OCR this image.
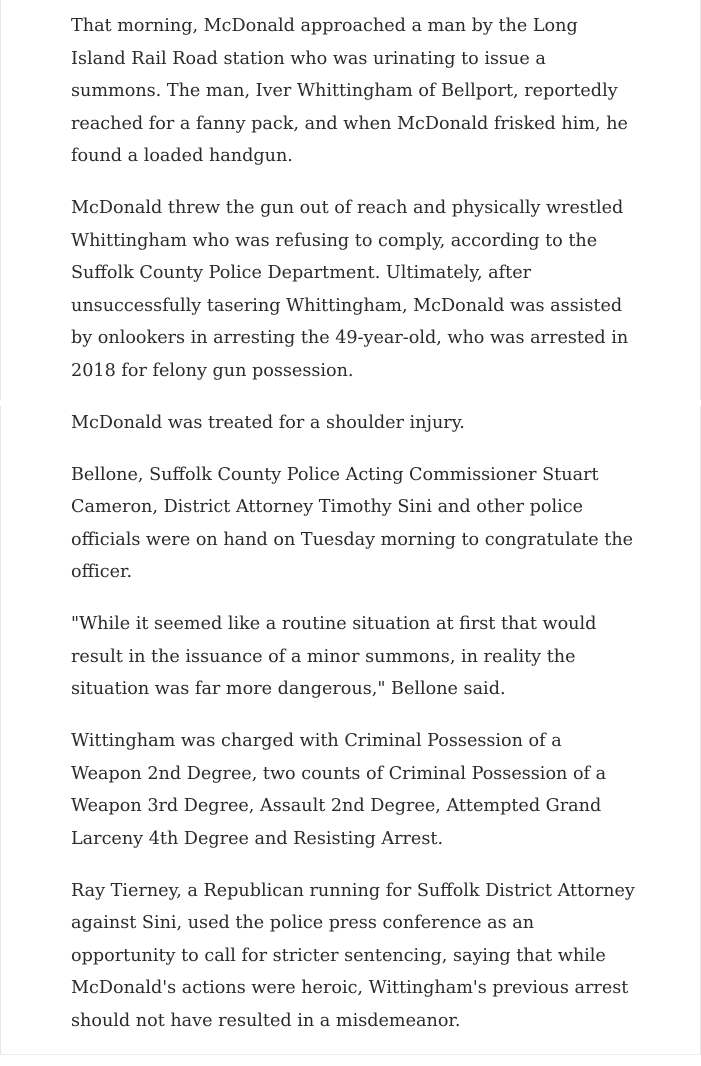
That morning, McDonald approached a man by the Long Island Rail Road station who was urinating to issue a summons. The man, Iver Whittingham of Bellport, reportedly reached for a fanny pack, and when McDonald frisked him, he found a loaded handgun.

McDonald threw the gun out of reach and physically wrestled Whittingham who was refusing to comply, according to the Suffolk County Police Department. Ultimately, after unsuccessfully tasering Whittingham, McDonald was assisted by onlookers in arresting the 49-year-old, who was arrested in 2018 for felony gun possession.

McDonald was treated for a shoulder injury.

Bellone, Suffolk County Police Acting Commissioner Stuart Cameron, District Attorney Timothy Sini and other police officials were on hand on Tuesday morning to congratulate the officer.

"While it seemed like a routine situation at first that would result in the issuance of a minor summons, in reality the situation was far more dangerous," Bellone said.

Wittingham was charged with Criminal Possession of a Weapon 2nd Degree, two counts of Criminal Possession of a Weapon 3rd Degree, Assault 2nd Degree, Attempted Grand Larceny 4th Degree and Resisting Arrest.

Ray Tierney, a Republican running for Suffolk District Attorney against Sini, used the police press conference as an opportunity to call for stricter sentencing, saying that while McDonald's actions were heroic, Wittingham's previous arrest should not have resulted in a misdemeanor.
